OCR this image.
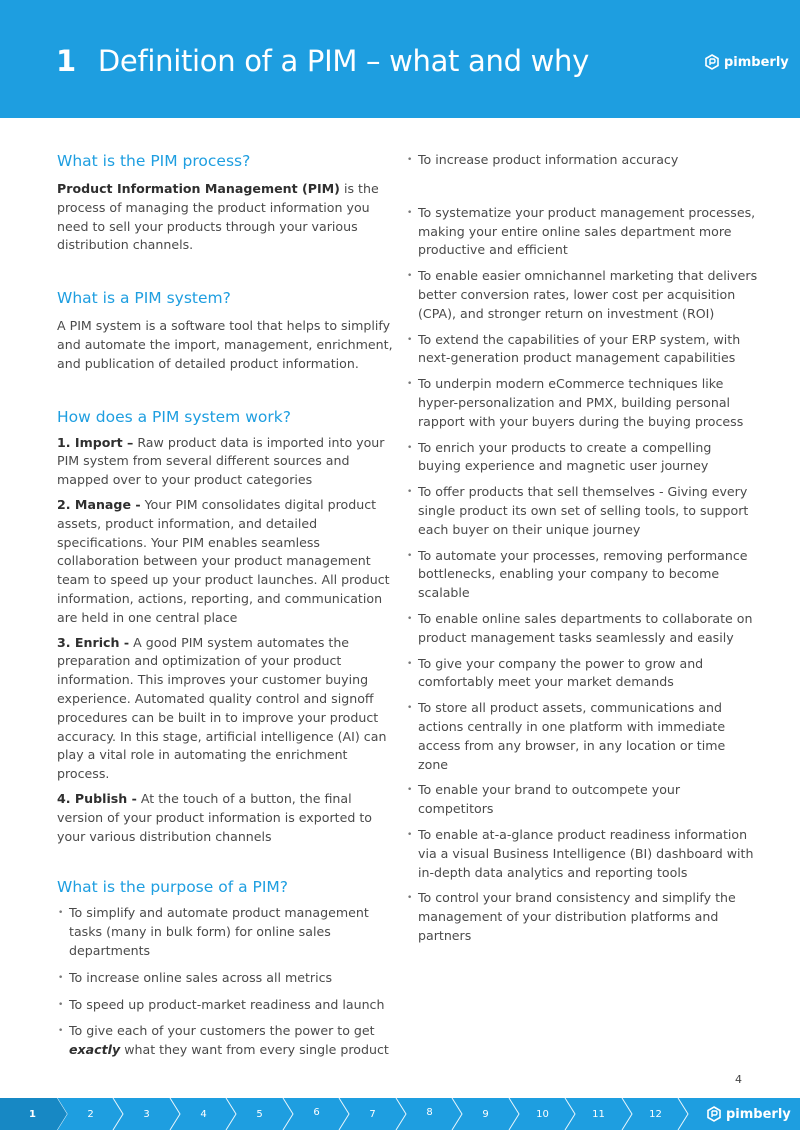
1 Definition of a PIM – what and why	pimberly
What is the PIM process?

Product Information Management (PIM) is the process of managing the product information you need to sell your products through your various distribution channels.

What is a PIM system?

A PIM system is a software tool that helps to simplify and automate the import, management, enrichment, and publication of detailed product information.

How does a PIM system work?

1. Import – Raw product data is imported into your PIM system from several different sources and mapped over to your product categories

2. Manage - Your PIM consolidates digital product assets, product information, and detailed specifications. Your PIM enables seamless collaboration between your product management team to speed up your product launches. All product information, actions, reporting, and communication are held in one central place

3. Enrich - A good PIM system automates the preparation and optimization of your product information. This improves your customer buying experience. Automated quality control and signoff procedures can be built in to improve your product accuracy. In this stage, artificial intelligence (AI) can play a vital role in automating the enrichment process.

4. Publish - At the touch of a button, the final version of your product information is exported to your various distribution channels

What is the purpose of a PIM?
• To simplify and automate product management tasks (many in bulk form) for online sales departments
• To increase online sales across all metrics
• To speed up product-market readiness and launch
• To give each of your customers the power to get exactly what they want from every single product
• To increase product information accuracy
• To systematize your product management processes, making your entire online sales department more productive and efficient
• To enable easier omnichannel marketing that delivers better conversion rates, lower cost per acquisition (CPA), and stronger return on investment (ROI)
• To extend the capabilities of your ERP system, with next-generation product management capabilities
• To underpin modern eCommerce techniques like hyper-personalization and PMX, building personal rapport with your buyers during the buying process
• To enrich your products to create a compelling buying experience and magnetic user journey
• To offer products that sell themselves - Giving every single product its own set of selling tools, to support each buyer on their unique journey
• To automate your processes, removing performance bottlenecks, enabling your company to become scalable
• To enable online sales departments to collaborate on product management tasks seamlessly and easily
• To give your company the power to grow and comfortably meet your market demands
• To store all product assets, communications and actions centrally in one platform with immediate access from any browser, in any location or time zone
• To enable your brand to outcompete your competitors
• To enable at-a-glance product readiness information via a visual Business Intelligence (BI) dashboard with in-depth data analytics and reporting tools
• To control your brand consistency and simplify the management of your distribution platforms and partners
4
1	2	3	4	5	6	7	8	9	10	11	12	pimberly
